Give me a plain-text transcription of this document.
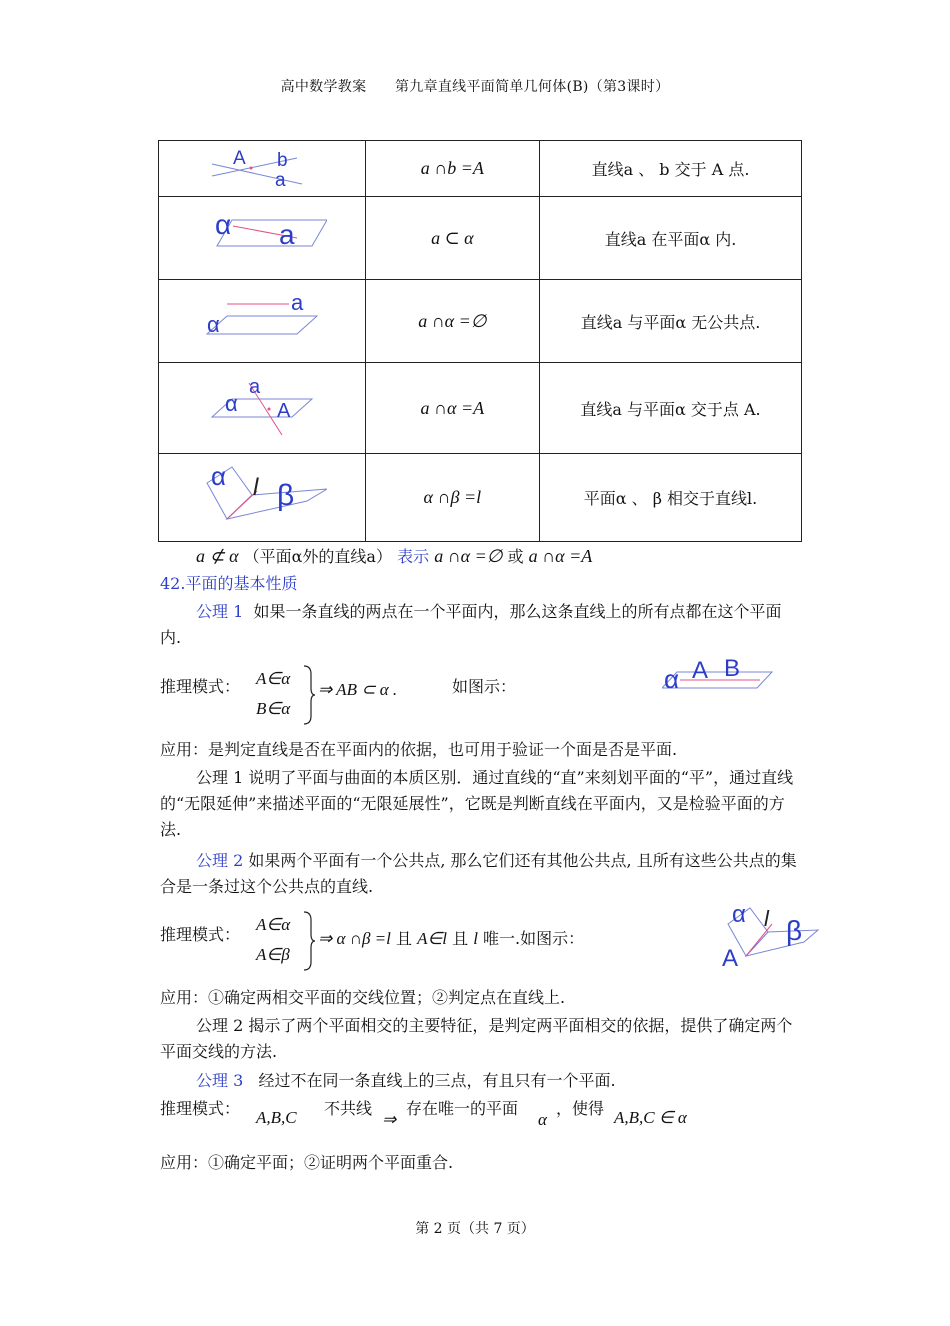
高中数学教案　　第九章直线平面简单几何体(B)（第3课时）
A b
a	a ∩b =A	直线a 、 b 交于 A 点.

α a	a ⊂ α	直线a 在平面α 内.

α
a	a ∩α =∅	直线a 与平面α 无公共点.

α
a
A	a ∩α =A	直线a 与平面α 交于点 A.

α l β	α ∩β =l	平面α 、 β 相交于直线l.
a ⊄ α （平面α外的直线a） 表示 a ∩α =∅ 或 a ∩α =A
42.平面的基本性质
公理 1 如果一条直线的两点在一个平面内，那么这条直线上的所有点都在这个平面内.
推理模式： A∈α
B∈α
⇒ AB ⊂ α .	如图示：	α A B
应用：是判定直线是否在平面内的依据，也可用于验证一个面是否是平面.
公理 1 说明了平面与曲面的本质区别．通过直线的“直”来刻划平面的“平”，通过直线的“无限延伸”来描述平面的“无限延展性”，它既是判断直线在平面内，又是检验平面的方法.
公理 2 如果两个平面有一个公共点, 那么它们还有其他公共点, 且所有这些公共点的集合是一条过这个公共点的直线.
推理模式：
A∈α
A∈β
⇒ α ∩β =l 且 A∈l 且 l 唯一.如图示：
α l β
A
应用：①确定两相交平面的交线位置；②判定点在直线上.
公理 2 揭示了两个平面相交的主要特征，是判定两平面相交的依据，提供了确定两个平面交线的方法.
公理 3 经过不在同一条直线上的三点，有且只有一个平面.
推理模式： A,B,C 不共线
⇒
存在唯一的平面
α
，使得 A,B,C ∈ α
应用：①确定平面；②证明两个平面重合.
第 2 页（共 7 页）
